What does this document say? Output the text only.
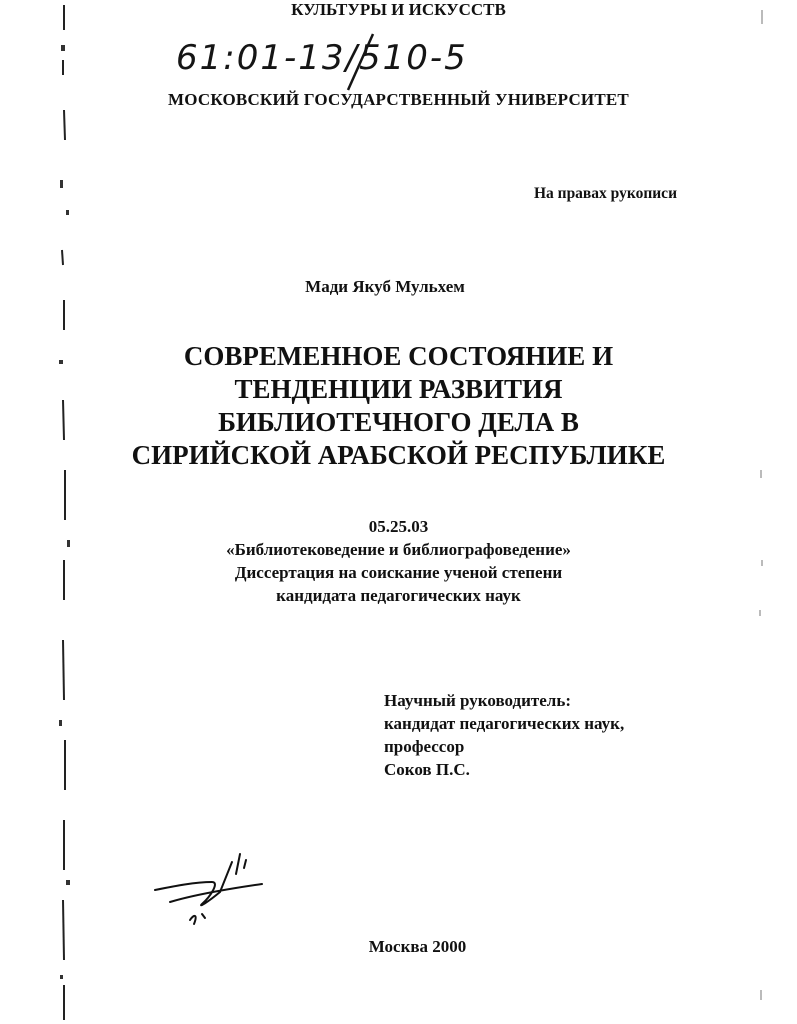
61:01-13/510-5
МОСКОВСКИЙ ГОСУДАРСТВЕННЫЙ УНИВЕРСИТЕТ
КУЛЬТУРЫ И ИСКУССТВ
На правах рукописи
Мади Якуб Мульхем
СОВРЕМЕННОЕ СОСТОЯНИЕ И
ТЕНДЕНЦИИ РАЗВИТИЯ
БИБЛИОТЕЧНОГО ДЕЛА В
СИРИЙСКОЙ АРАБСКОЙ РЕСПУБЛИКЕ
05.25.03
«Библиотековедение и библиографоведение»
Диссертация на соискание ученой степени
кандидата педагогических наук
Научный руководитель:
кандидат педагогических наук,
профессор
Соков П.С.
Москва 2000
